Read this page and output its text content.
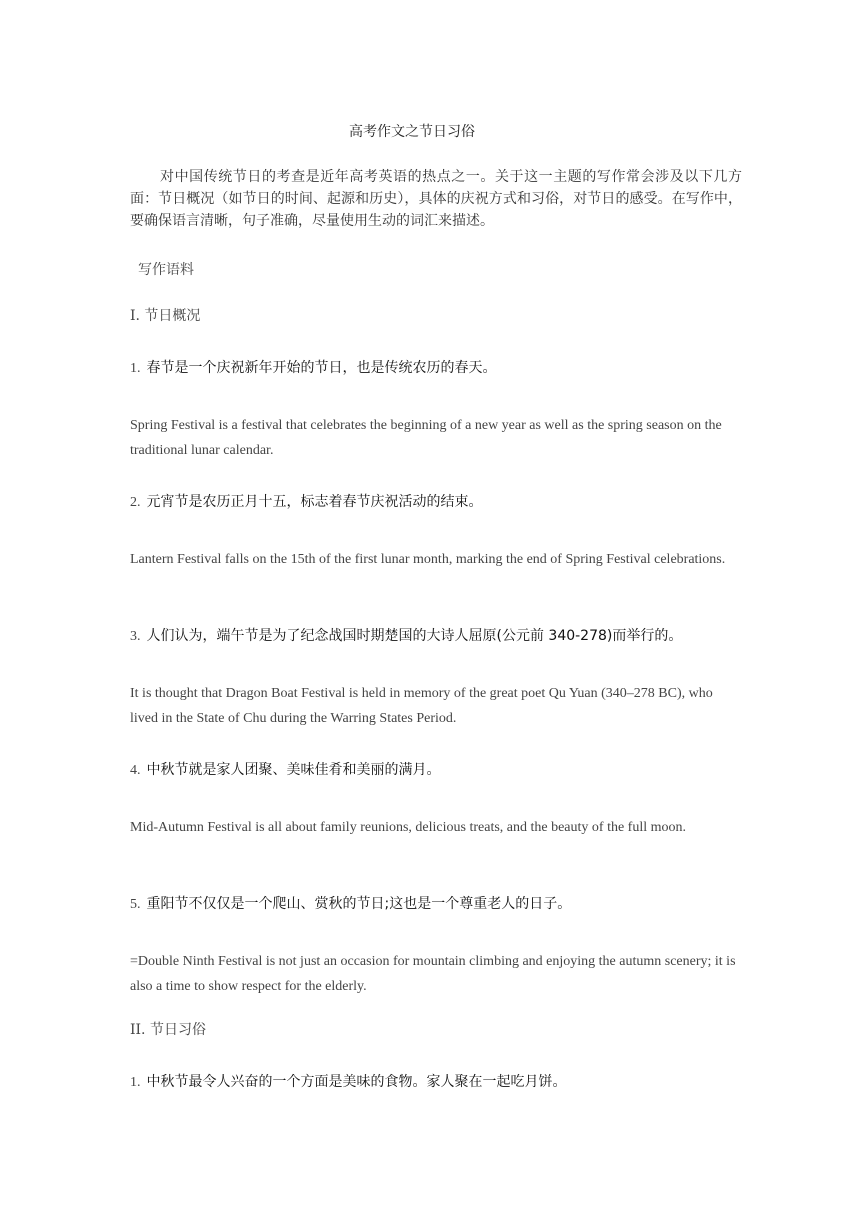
高考作文之节日习俗
对中国传统节日的考查是近年高考英语的热点之一。关于这一主题的写作常会涉及以下几方面：节日概况（如节日的时间、起源和历史），具体的庆祝方式和习俗，对节日的感受。在写作中，要确保语言清晰，句子准确，尽量使用生动的词汇来描述。
写作语料
I. 节日概况
1. 春节是一个庆祝新年开始的节日，也是传统农历的春天。
Spring Festival is a festival that celebrates the beginning of a new year as well as the spring season on the traditional lunar calendar.
2. 元宵节是农历正月十五，标志着春节庆祝活动的结束。
Lantern Festival falls on the 15th of the first lunar month, marking the end of Spring Festival celebrations.
3. 人们认为，端午节是为了纪念战国时期楚国的大诗人屈原(公元前 340-278)而举行的。
It is thought that Dragon Boat Festival is held in memory of the great poet Qu Yuan (340–278 BC), who lived in the State of Chu during the Warring States Period.
4. 中秋节就是家人团聚、美味佳肴和美丽的满月。
Mid-Autumn Festival is all about family reunions, delicious treats, and the beauty of the full moon.
5. 重阳节不仅仅是一个爬山、赏秋的节日;这也是一个尊重老人的日子。
=Double Ninth Festival is not just an occasion for mountain climbing and enjoying the autumn scenery; it is also a time to show respect for the elderly.
II. 节日习俗
1. 中秋节最令人兴奋的一个方面是美味的食物。家人聚在一起吃月饼。
